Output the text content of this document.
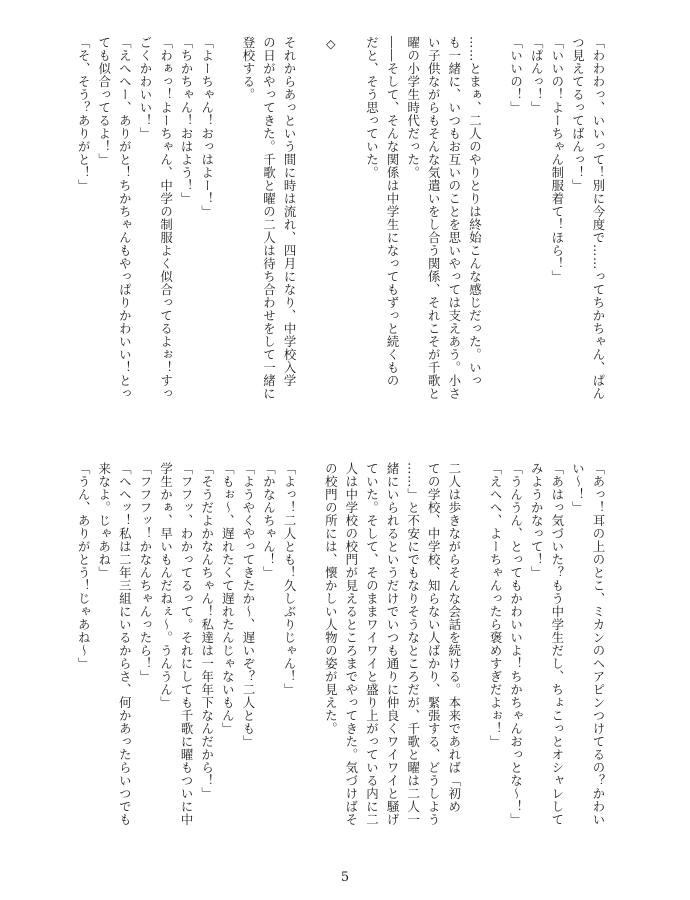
「わわわっ、いいって！別に今度で……ってちかちゃん、ぱん
つ見えてるってばんっ！」
「いいの！よーちゃん制服着て！ほら！」
「ぱんっ！」
「いいの！」

……とまぁ、二人のやりとりは終始こんな感じだった。いっ
も一緒に、いつもお互いのことを思いやっては支えあう。小さ
い子供ながらもそんな気遣いをし合う関係、それこそが千歌と
曜の小学生時代だった。
――そして、そんな関係は中学生になってもずっと続くもの
だと、そう思っていた。

◇

それからあっという間に時は流れ、四月になり、中学校入学
の日がやってきた。千歌と曜の二人は待ち合わせをして一緒に
登校する。

「よーちゃん！おっはよー！」
「ちかちゃん！おはよう！」
「わぁっ！よーちゃん、中学の制服よく似合ってるよぉ！すっ
ごくかわいい！」
「えへへー、ありがと！ちかちゃんもやっぱりかわいい！とっ
ても似合ってるよ！」
「そ、そう？ありがと！」
「あっ！耳の上のとこ、ミカンのヘアピンつけてるの？かわい
い～！」
「あはっ気づいた？もう中学生だし、ちょこっとオシャレして
みようかなって！」
「うんうん、とってもかわいいよ！ちかちゃんおっとな～！」
「えへへ、よーちゃんったら褒めすぎだよぉ！」

二人は歩きながらそんな会話を続ける。本来であれば「初め
ての学校、中学校、知らない人ばかり、緊張する、どうしよう
……」と不安にでもなりそうなところだが、千歌と曜は二人一
緒にいられるというだけでいつも通りに仲良くワイワイと騒げ
ていた。そして、そのままワイワイと盛り上がっている内に二
人は中学校の校門が見えるところまでやってきた。気づけばそ
の校門の所には、懐かしい人物の姿が見えた。

「よっ！二人とも！久しぶりじゃん！」
「かなんちゃん！」
「ようやくやってきたか～、遅いぞ？二人とも」
「もぉ～、遅れたくて遅れたんじゃないもん」
「そうだよかなんちゃん！私達は一年年下なんだから！」
「フフッ、わかってるって。それにしても千歌に曜もついに中
学生かぁ、早いもんだねぇ～。うんうん」
「フフフッ！かなんちゃんったら！」
「へへッ！私は二年三組にいるからさ、何かあったらいつでも
来なよ。じゃあね」
「うん、ありがとう！じゃあね～」
5
